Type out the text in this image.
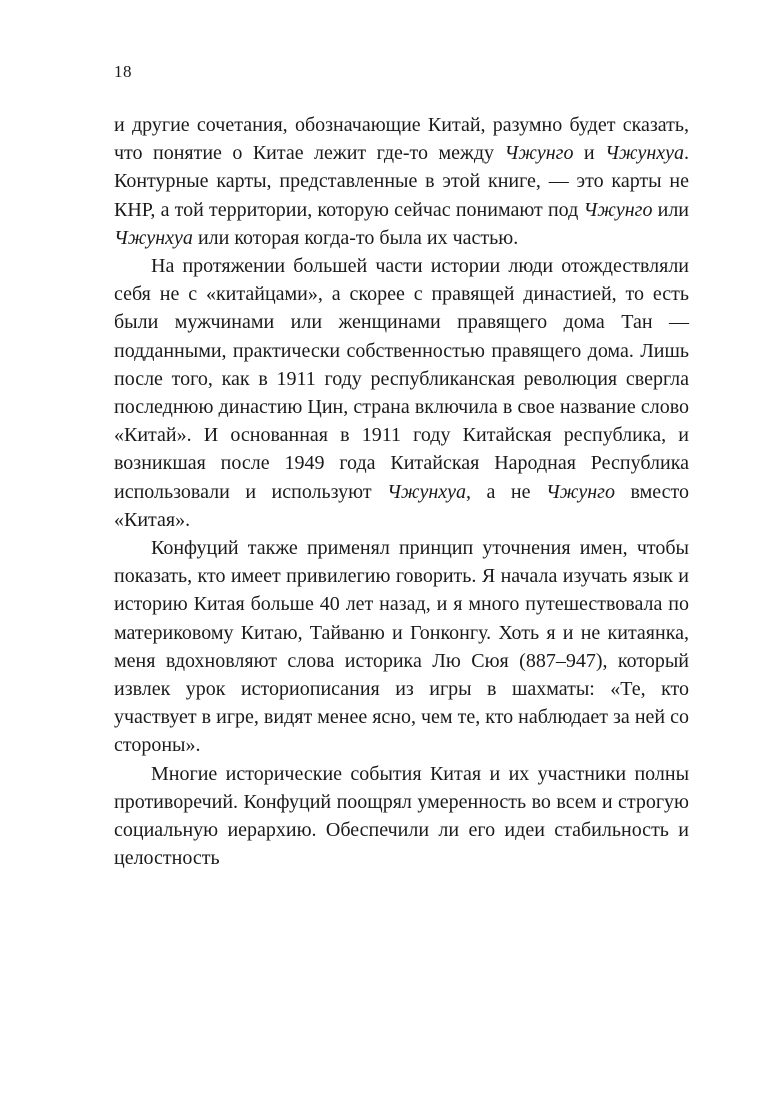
18

и другие сочетания, обозначающие Китай, разумно будет сказать, что понятие о Китае лежит где-то между Чжунго и Чжунхуа. Контурные карты, представленные в этой книге, — это карты не КНР, а той территории, которую сейчас понимают под Чжунго или Чжунхуа или которая когда-то была их частью.

На протяжении большей части истории люди отождествляли себя не с «китайцами», а скорее с правящей династией, то есть были мужчинами или женщинами правящего дома Тан — подданными, практически собственностью правящего дома. Лишь после того, как в 1911 году республиканская революция свергла последнюю династию Цин, страна включила в свое название слово «Китай». И основанная в 1911 году Китайская республика, и возникшая после 1949 года Китайская Народная Республика использовали и используют Чжунхуа, а не Чжунго вместо «Китая».

Конфуций также применял принцип уточнения имен, чтобы показать, кто имеет привилегию говорить. Я начала изучать язык и историю Китая больше 40 лет назад, и я много путешествовала по материковому Китаю, Тайваню и Гонконгу. Хоть я и не китаянка, меня вдохновляют слова историка Лю Сюя (887–947), который извлек урок историописания из игры в шахматы: «Те, кто участвует в игре, видят менее ясно, чем те, кто наблюдает за ней со стороны».

Многие исторические события Китая и их участники полны противоречий. Конфуций поощрял умеренность во всем и строгую социальную иерархию. Обеспечили ли его идеи стабильность и целостность
